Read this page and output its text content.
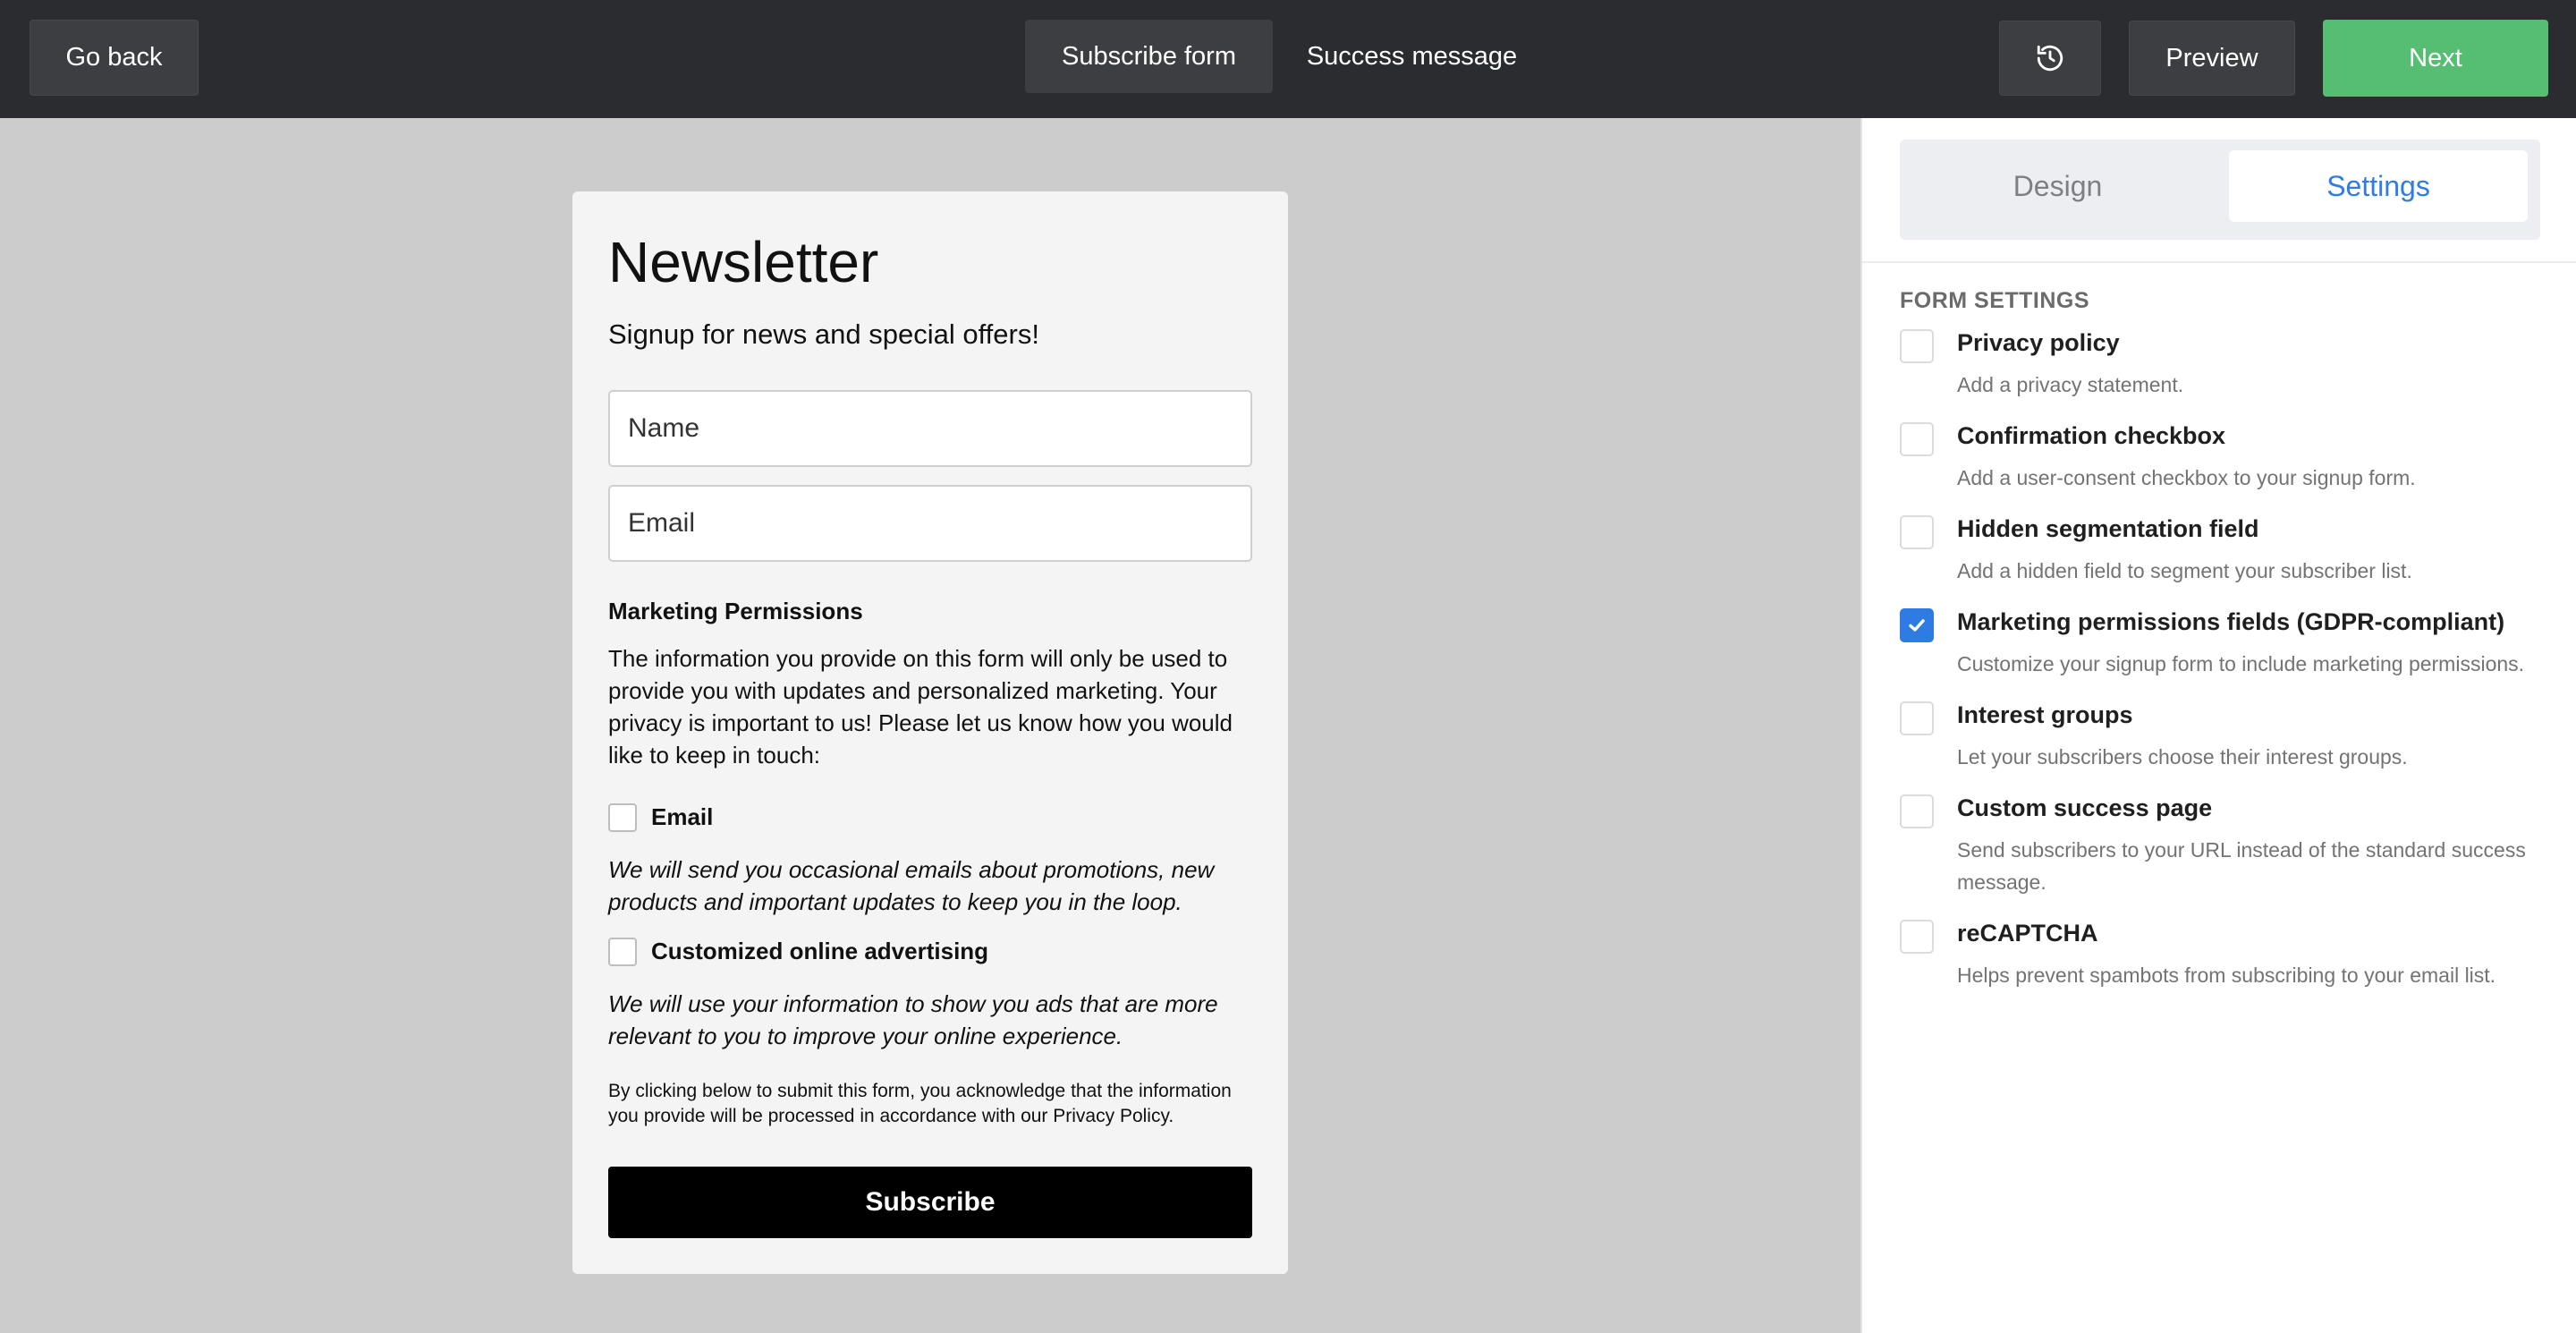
Go back	Subscribe form	Success message	Preview	Next
Newsletter
Signup for news and special offers!
Name
Email
Marketing Permissions
The information you provide on this form will only be used to provide you with updates and personalized marketing. Your privacy is important to us! Please let us know how you would like to keep in touch:
Email
We will send you occasional emails about promotions, new products and important updates to keep you in the loop.
Customized online advertising
We will use your information to show you ads that are more relevant to you to improve your online experience.
By clicking below to submit this form, you acknowledge that the information you provide will be processed in accordance with our Privacy Policy.
Subscribe
Design	Settings
FORM SETTINGS
Privacy policy
Add a privacy statement.
Confirmation checkbox
Add a user-consent checkbox to your signup form.
Hidden segmentation field
Add a hidden field to segment your subscriber list.
Marketing permissions fields (GDPR-compliant)
Customize your signup form to include marketing permissions.
Interest groups
Let your subscribers choose their interest groups.
Custom success page
Send subscribers to your URL instead of the standard success message.
reCAPTCHA
Helps prevent spambots from subscribing to your email list.
